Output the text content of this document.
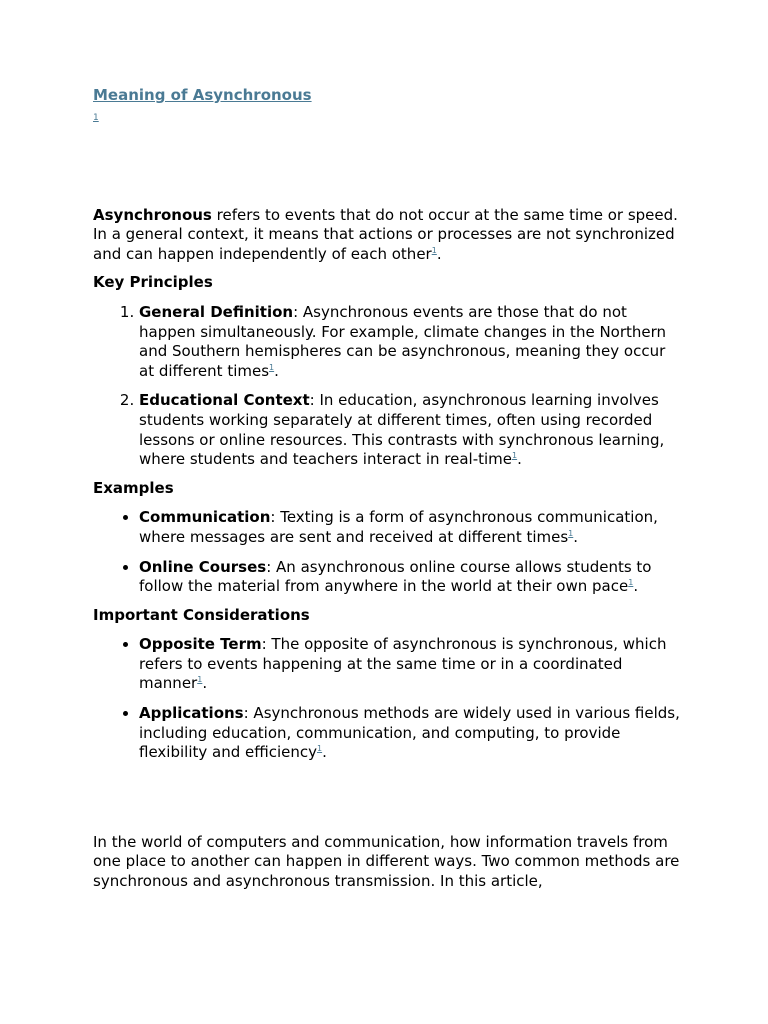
Meaning of Asynchronous
1

Asynchronous refers to events that do not occur at the same time or speed. In a general context, it means that actions or processes are not synchronized and can happen independently of each other$^1$.

Key Principles

1. General Definition: Asynchronous events are those that do not happen simultaneously. For example, climate changes in the Northern and Southern hemispheres can be asynchronous, meaning they occur at different times$^1$.
2. Educational Context: In education, asynchronous learning involves students working separately at different times, often using recorded lessons or online resources. This contrasts with synchronous learning, where students and teachers interact in real-time$^1$.

Examples

• Communication: Texting is a form of asynchronous communication, where messages are sent and received at different times$^1$.
• Online Courses: An asynchronous online course allows students to follow the material from anywhere in the world at their own pace$^1$.

Important Considerations

• Opposite Term: The opposite of asynchronous is synchronous, which refers to events happening at the same time or in a coordinated manner$^1$.
• Applications: Asynchronous methods are widely used in various fields, including education, communication, and computing, to provide flexibility and efficiency$^1$.

In the world of computers and communication, how information travels from one place to another can happen in different ways. Two common methods are synchronous and asynchronous transmission. In this article,
